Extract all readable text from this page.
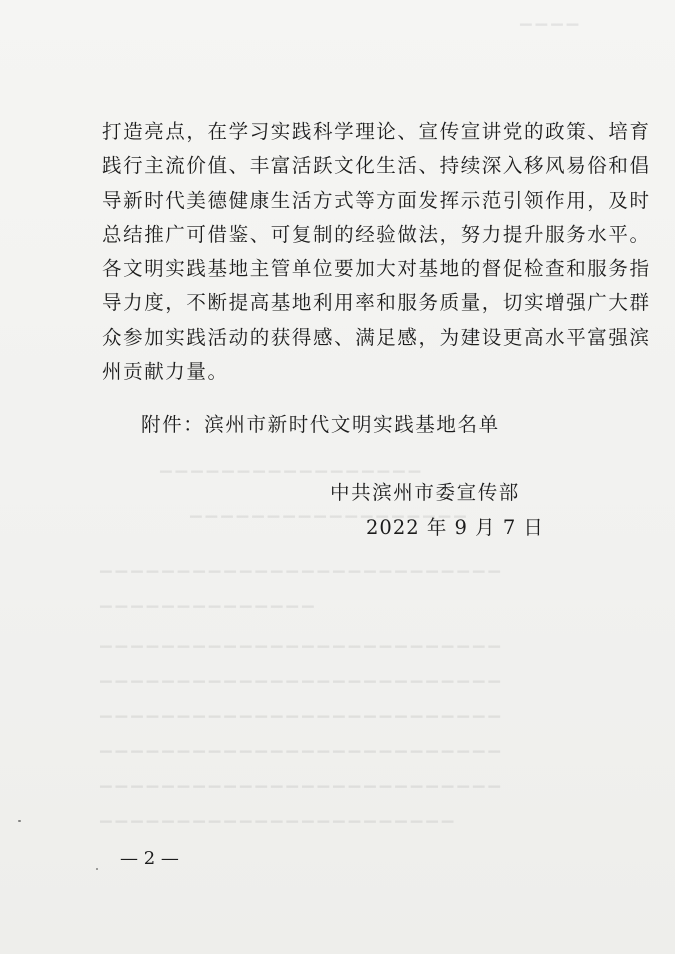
▁▁▁▁
▁▁▁▁▁▁▁▁▁▁▁▁▁▁▁▁▁
▁▁▁▁▁▁▁▁▁▁▁▁▁▁▁▁▁▁
▁▁▁▁▁▁▁▁▁▁▁▁▁▁▁▁▁▁▁▁▁▁▁▁▁▁
▁▁▁▁▁▁▁▁▁▁▁▁▁▁
▁▁▁▁▁▁▁▁▁▁▁▁▁▁▁▁▁▁▁▁▁▁▁▁▁▁
▁▁▁▁▁▁▁▁▁▁▁▁▁▁▁▁▁▁▁▁▁▁▁▁▁▁
▁▁▁▁▁▁▁▁▁▁▁▁▁▁▁▁▁▁▁▁▁▁▁▁▁▁
▁▁▁▁▁▁▁▁▁▁▁▁▁▁▁▁▁▁▁▁▁▁▁▁▁▁
▁▁▁▁▁▁▁▁▁▁▁▁▁▁▁▁▁▁▁▁▁▁▁▁▁▁
▁▁▁▁▁▁▁▁▁▁▁▁▁▁▁▁▁▁▁▁▁▁▁
打造亮点，在学习实践科学理论、宣传宣讲党的政策、培育
践行主流价值、丰富活跃文化生活、持续深入移风易俗和倡
导新时代美德健康生活方式等方面发挥示范引领作用，及时
总结推广可借鉴、可复制的经验做法，努力提升服务水平。
各文明实践基地主管单位要加大对基地的督促检查和服务指
导力度，不断提高基地利用率和服务质量，切实增强广大群
众参加实践活动的获得感、满足感，为建设更高水平富强滨
州贡献力量。
附件：滨州市新时代文明实践基地名单
中共滨州市委宣传部
2022 年 9 月 7 日
— 2 —
